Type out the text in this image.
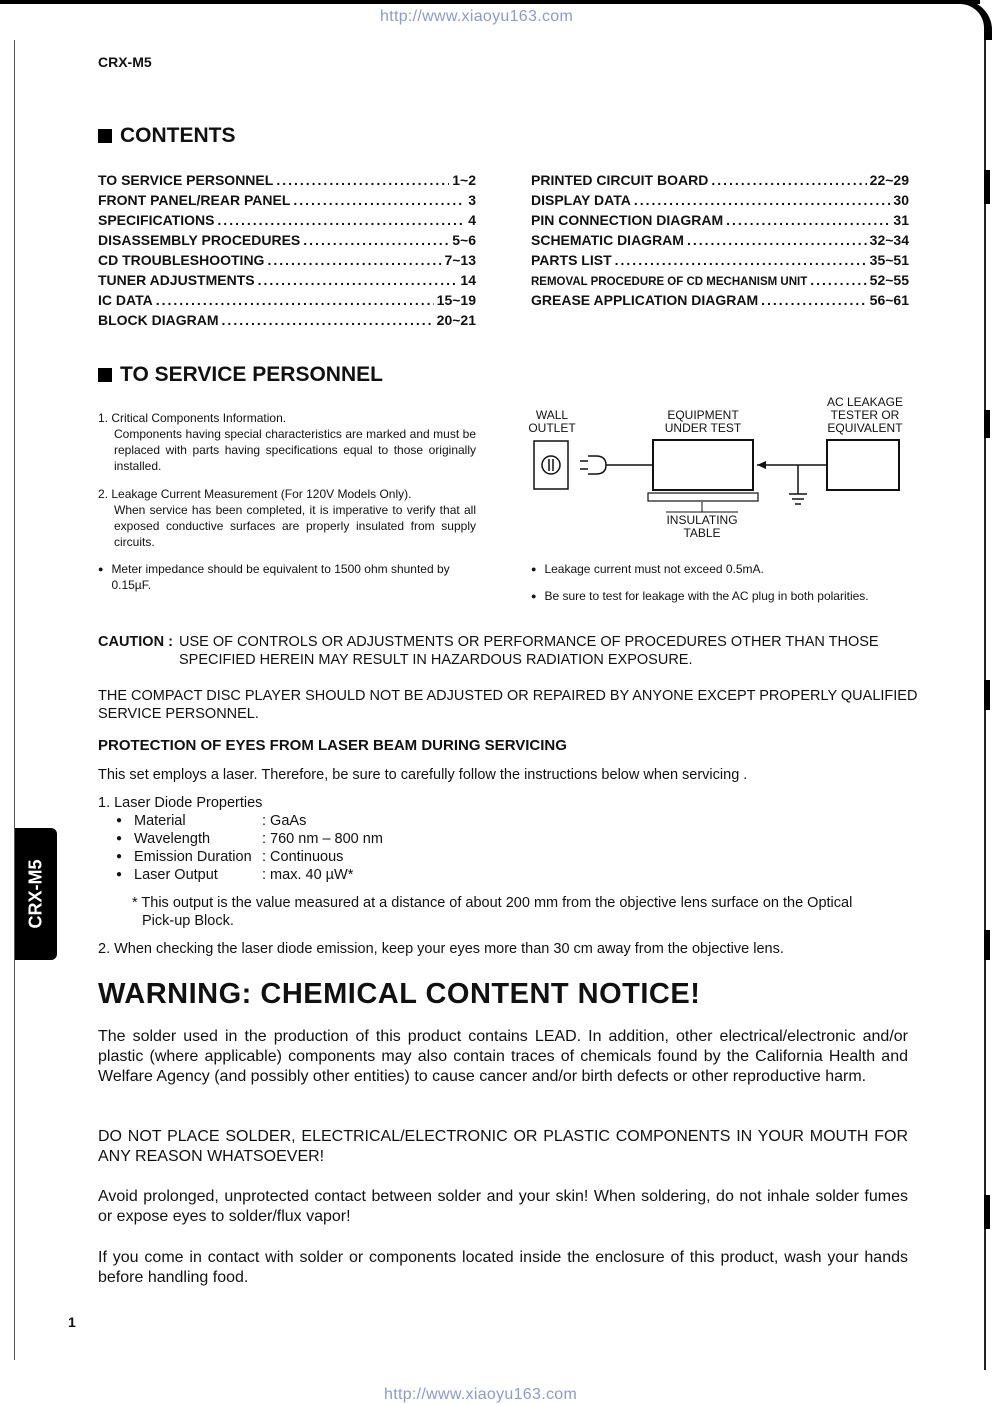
http://www.xiaoyu163.com
http://www.xiaoyu163.com
CRX-M5
CRX-M5
CONTENTS
TO SERVICE PERSONNEL .....	1~2
FRONT PANEL/REAR PANEL .....	3
SPECIFICATIONS .....	4
DISASSEMBLY PROCEDURES .....	5~6
CD TROUBLESHOOTING .....	7~13
TUNER ADJUSTMENTS .....	14
IC DATA .....	15~19
BLOCK DIAGRAM .....	20~21
PRINTED CIRCUIT BOARD .....	22~29
DISPLAY DATA .....	30
PIN CONNECTION DIAGRAM .....	31
SCHEMATIC DIAGRAM .....	32~34
PARTS LIST .....	35~51
REMOVAL PROCEDURE OF CD MECHANISM UNIT .....	52~55
GREASE APPLICATION DIAGRAM .....	56~61
TO SERVICE PERSONNEL
1. Critical Components Information.
Components having special characteristics are marked and must be replaced with parts having specifications equal to those originally installed.
2. Leakage Current Measurement (For 120V Models Only).
When service has been completed, it is imperative to verify that all exposed conductive surfaces are properly insulated from supply circuits.
● Meter impedance should be equivalent to 1500 ohm shunted by 0.15µF.
WALL
OUTLET
EQUIPMENT
UNDER TEST
AC LEAKAGE
TESTER OR
EQUIVALENT
INSULATING
TABLE
● Leakage current must not exceed 0.5mA.
● Be sure to test for leakage with the AC plug in both polarities.
CAUTION : USE OF CONTROLS OR ADJUSTMENTS OR PERFORMANCE OF PROCEDURES OTHER THAN THOSE
SPECIFIED HEREIN MAY RESULT IN HAZARDOUS RADIATION EXPOSURE.
THE COMPACT DISC PLAYER SHOULD NOT BE ADJUSTED OR REPAIRED BY ANYONE EXCEPT PROPERLY QUALIFIED SERVICE PERSONNEL.
PROTECTION OF EYES FROM LASER BEAM DURING SERVICING
This set employs a laser. Therefore, be sure to carefully follow the instructions below when servicing .
1. Laser Diode Properties
● Material	: GaAs
● Wavelength	: 760 nm – 800 nm
● Emission Duration : Continuous
● Laser Output	: max. 40 µW*
* This output is the value measured at a distance of about 200 mm from the objective lens surface on the Optical Pick-up Block.
2. When checking the laser diode emission, keep your eyes more than 30 cm away from the objective lens.
WARNING: CHEMICAL CONTENT NOTICE!
The solder used in the production of this product contains LEAD. In addition, other electrical/electronic and/or plastic (where applicable) components may also contain traces of chemicals found by the California Health and Welfare Agency (and possibly other entities) to cause cancer and/or birth defects or other reproductive harm.
DO NOT PLACE SOLDER, ELECTRICAL/ELECTRONIC OR PLASTIC COMPONENTS IN YOUR MOUTH FOR ANY REASON WHATSOEVER!
Avoid prolonged, unprotected contact between solder and your skin! When soldering, do not inhale solder fumes or expose eyes to solder/flux vapor!
If you come in contact with solder or components located inside the enclosure of this product, wash your hands before handling food.
1
